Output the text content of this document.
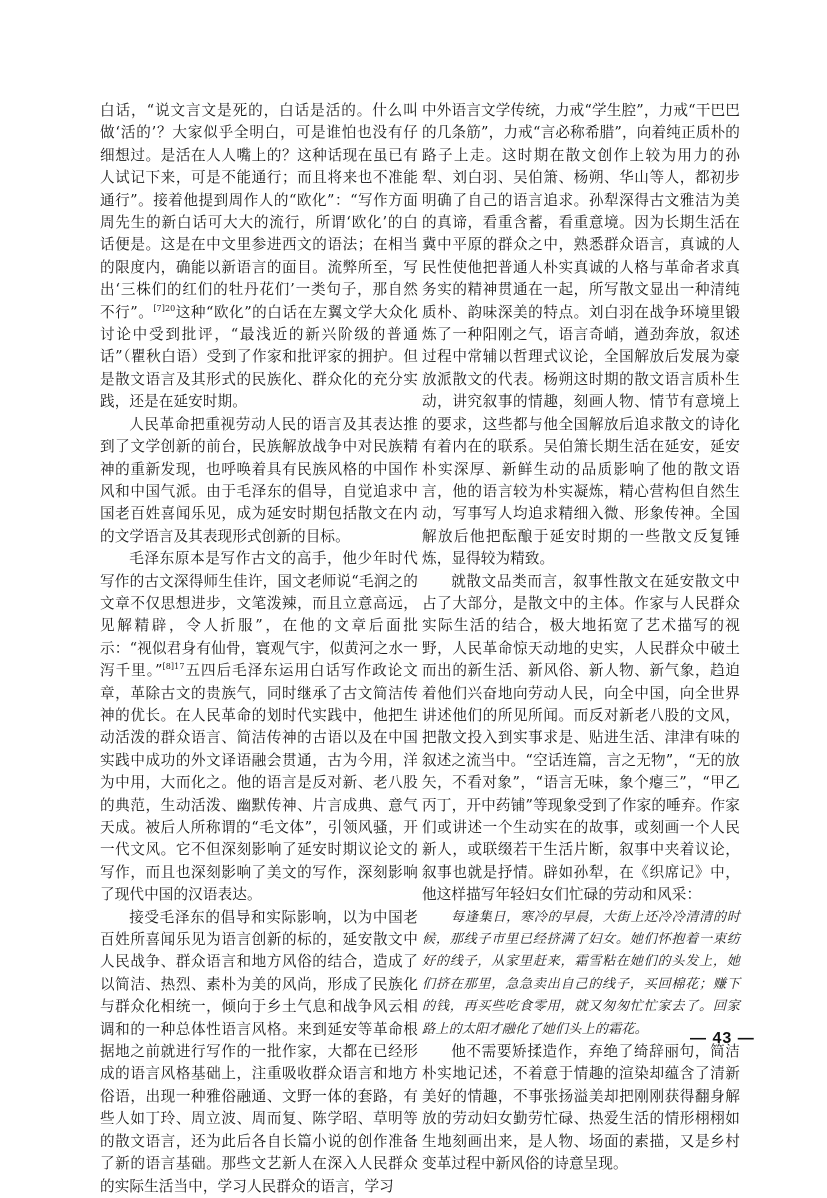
白话，“说文言文是死的，白话是活的。什么叫做‘活的’？大家似乎全明白，可是谁怕也没有仔细想过。是活在人人嘴上的？这种话现在虽已有人试记下来，可是不能通行；而且将来也不准能通行”。接着他提到周作人的“欧化”：“写作方面周先生的新白话可大大的流行，所谓‘欧化’的白话便是。这是在中文里参进西文的语法；在相当的限度内，确能以新语言的面目。流弊所至，写出‘三株们的红们的牡丹花们’一类句子，那自然不行”。$^{[7]20}$这种“欧化”的白话在左翼文学大众化讨论中受到批评，“最浅近的新兴阶级的普通话”（瞿秋白语）受到了作家和批评家的拥护。但是散文语言及其形式的民族化、群众化的充分实践，还是在延安时期。

人民革命把重视劳动人民的语言及其表达推到了文学创新的前台，民族解放战争中对民族精神的重新发现，也呼唤着具有民族风格的中国作风和中国气派。由于毛泽东的倡导，自觉追求中国老百姓喜闻乐见，成为延安时期包括散文在内的文学语言及其表现形式创新的目标。

毛泽东原本是写作古文的高手，他少年时代写作的古文深得师生佳许，国文老师说“毛润之的文章不仅思想进步，文笔泼辣，而且立意高远，见解精辟，令人折服”，在他的文章后面批示：“视似君身有仙骨，寰观气宇，似黄河之水一泻千里。”$^{[8]17}$五四后毛泽东运用白话写作政论文章，革除古文的贵族气，同时继承了古文简洁传神的优长。在人民革命的划时代实践中，他把生动活泼的群众语言、简洁传神的古语以及在中国实践中成功的外文译语融会贯通，古为今用，洋为中用，大而化之。他的语言是反对新、老八股的典范，生动活泼、幽默传神、片言成典、意气天成。被后人所称谓的“毛文体”，引领风骚，开一代文风。它不但深刻影响了延安时期议论文的写作，而且也深刻影响了美文的写作，深刻影响了现代中国的汉语表达。

接受毛泽东的倡导和实际影响，以为中国老百姓所喜闻乐见为语言创新的标的，延安散文中人民战争、群众语言和地方风俗的结合，造成了以简洁、热烈、素朴为美的风尚，形成了民族化与群众化相统一，倾向于乡土气息和战争风云相调和的一种总体性语言风格。来到延安等革命根据地之前就进行写作的一批作家，大都在已经形成的语言风格基础上，注重吸收群众语言和地方俗语，出现一种雅俗融通、文野一体的套路，有些人如丁玲、周立波、周而复、陈学昭、草明等的散文语言，还为此后各自长篇小说的创作准备了新的语言基础。那些文艺新人在深入人民群众的实际生活当中，学习人民群众的语言，学习

中外语言文学传统，力戒“学生腔”，力戒“干巴巴的几条筋”，力戒“言必称希腊”，向着纯正质朴的路子上走。这时期在散文创作上较为用力的孙犁、刘白羽、吴伯箫、杨朔、华山等人，都初步明确了自己的语言追求。孙犁深得古文雅洁为美的真谛，看重含蓄，看重意境。因为长期生活在冀中平原的群众之中，熟悉群众语言，真诚的人民性使他把普通人朴实真诚的人格与革命者求真务实的精神贯通在一起，所写散文显出一种清纯质朴、韵味深美的特点。刘白羽在战争环境里锻炼了一种阳刚之气，语言奇峭，遒劲奔放，叙述过程中常辅以哲理式议论，全国解放后发展为豪放派散文的代表。杨朔这时期的散文语言质朴生动，讲究叙事的情趣，刻画人物、情节有意境上的要求，这些都与他全国解放后追求散文的诗化有着内在的联系。吴伯箫长期生活在延安，延安朴实深厚、新鲜生动的品质影响了他的散文语言，他的语言较为朴实凝炼，精心营构但自然生动，写事写人均追求精细入微、形象传神。全国解放后他把酝酿于延安时期的一些散文反复锤炼，显得较为精致。

就散文品类而言，叙事性散文在延安散文中占了大部分，是散文中的主体。作家与人民群众实际生活的结合，极大地拓宽了艺术描写的视野，人民革命惊天动地的史实，人民群众中破土而出的新生活、新风俗、新人物、新气象，趋迫着他们兴奋地向劳动人民，向全中国，向全世界讲述他们的所见所闻。而反对新老八股的文风，把散文投入到实事求是、贴进生活、津津有味的叙述之流当中。“空话连篇，言之无物”，“无的放矢，不看对象”，“语言无味，象个瘪三”，“甲乙丙丁，开中药铺”等现象受到了作家的唾弃。作家们或讲述一个生动实在的故事，或刻画一个人民新人，或联缀若干生活片断，叙事中夹着议论，叙事也就是抒情。辟如孙犁，在《织席记》中，他这样描写年轻妇女们忙碌的劳动和风采：

每逢集日，寒冷的早晨，大街上还冷冷清清的时候，那线子市里已经挤满了妇女。她们怀抱着一束纺好的线子，从家里赶来，霜雪粘在她们的头发上，她们挤在那里，急急卖出自己的线子，买回棉花；赚下的钱，再买些吃食零用，就又匆匆忙忙家去了。回家路上的太阳才融化了她们头上的霜花。

他不需要矫揉造作，弃绝了绮辞丽句，简洁朴实地记述，不着意于情趣的渲染却蕴含了清新美好的情趣，不事张扬溢美却把刚刚获得翻身解放的劳动妇女勤劳忙碌、热爱生活的情形栩栩如生地刻画出来，是人物、场面的素描，又是乡村变革过程中新风俗的诗意呈现。

— 43 —
